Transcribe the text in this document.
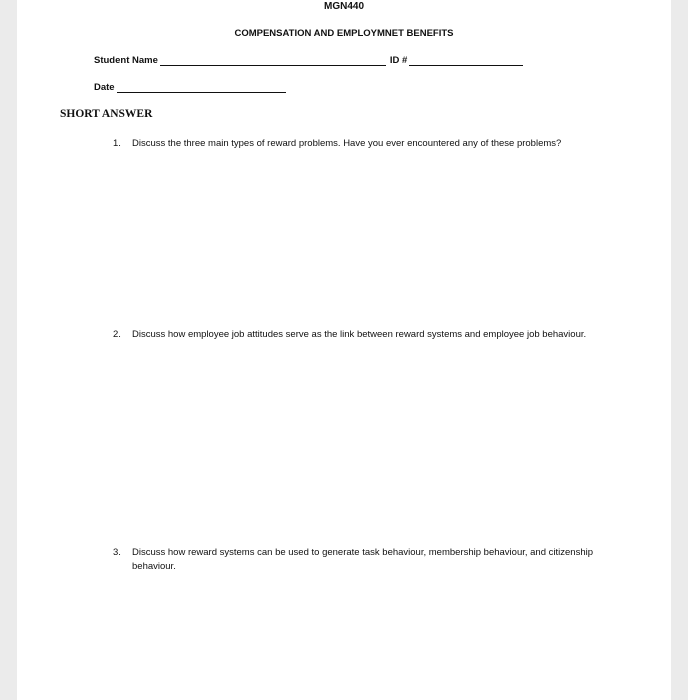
MGN440
COMPENSATION AND EMPLOYMNET BENEFITS
Student Name	ID #
Date
SHORT ANSWER
1.	Discuss the three main types of reward problems. Have you ever encountered any of these problems?
2.	Discuss how employee job attitudes serve as the link between reward systems and employee job behaviour.
3.	Discuss how reward systems can be used to generate task behaviour, membership behaviour, and citizenship behaviour.
